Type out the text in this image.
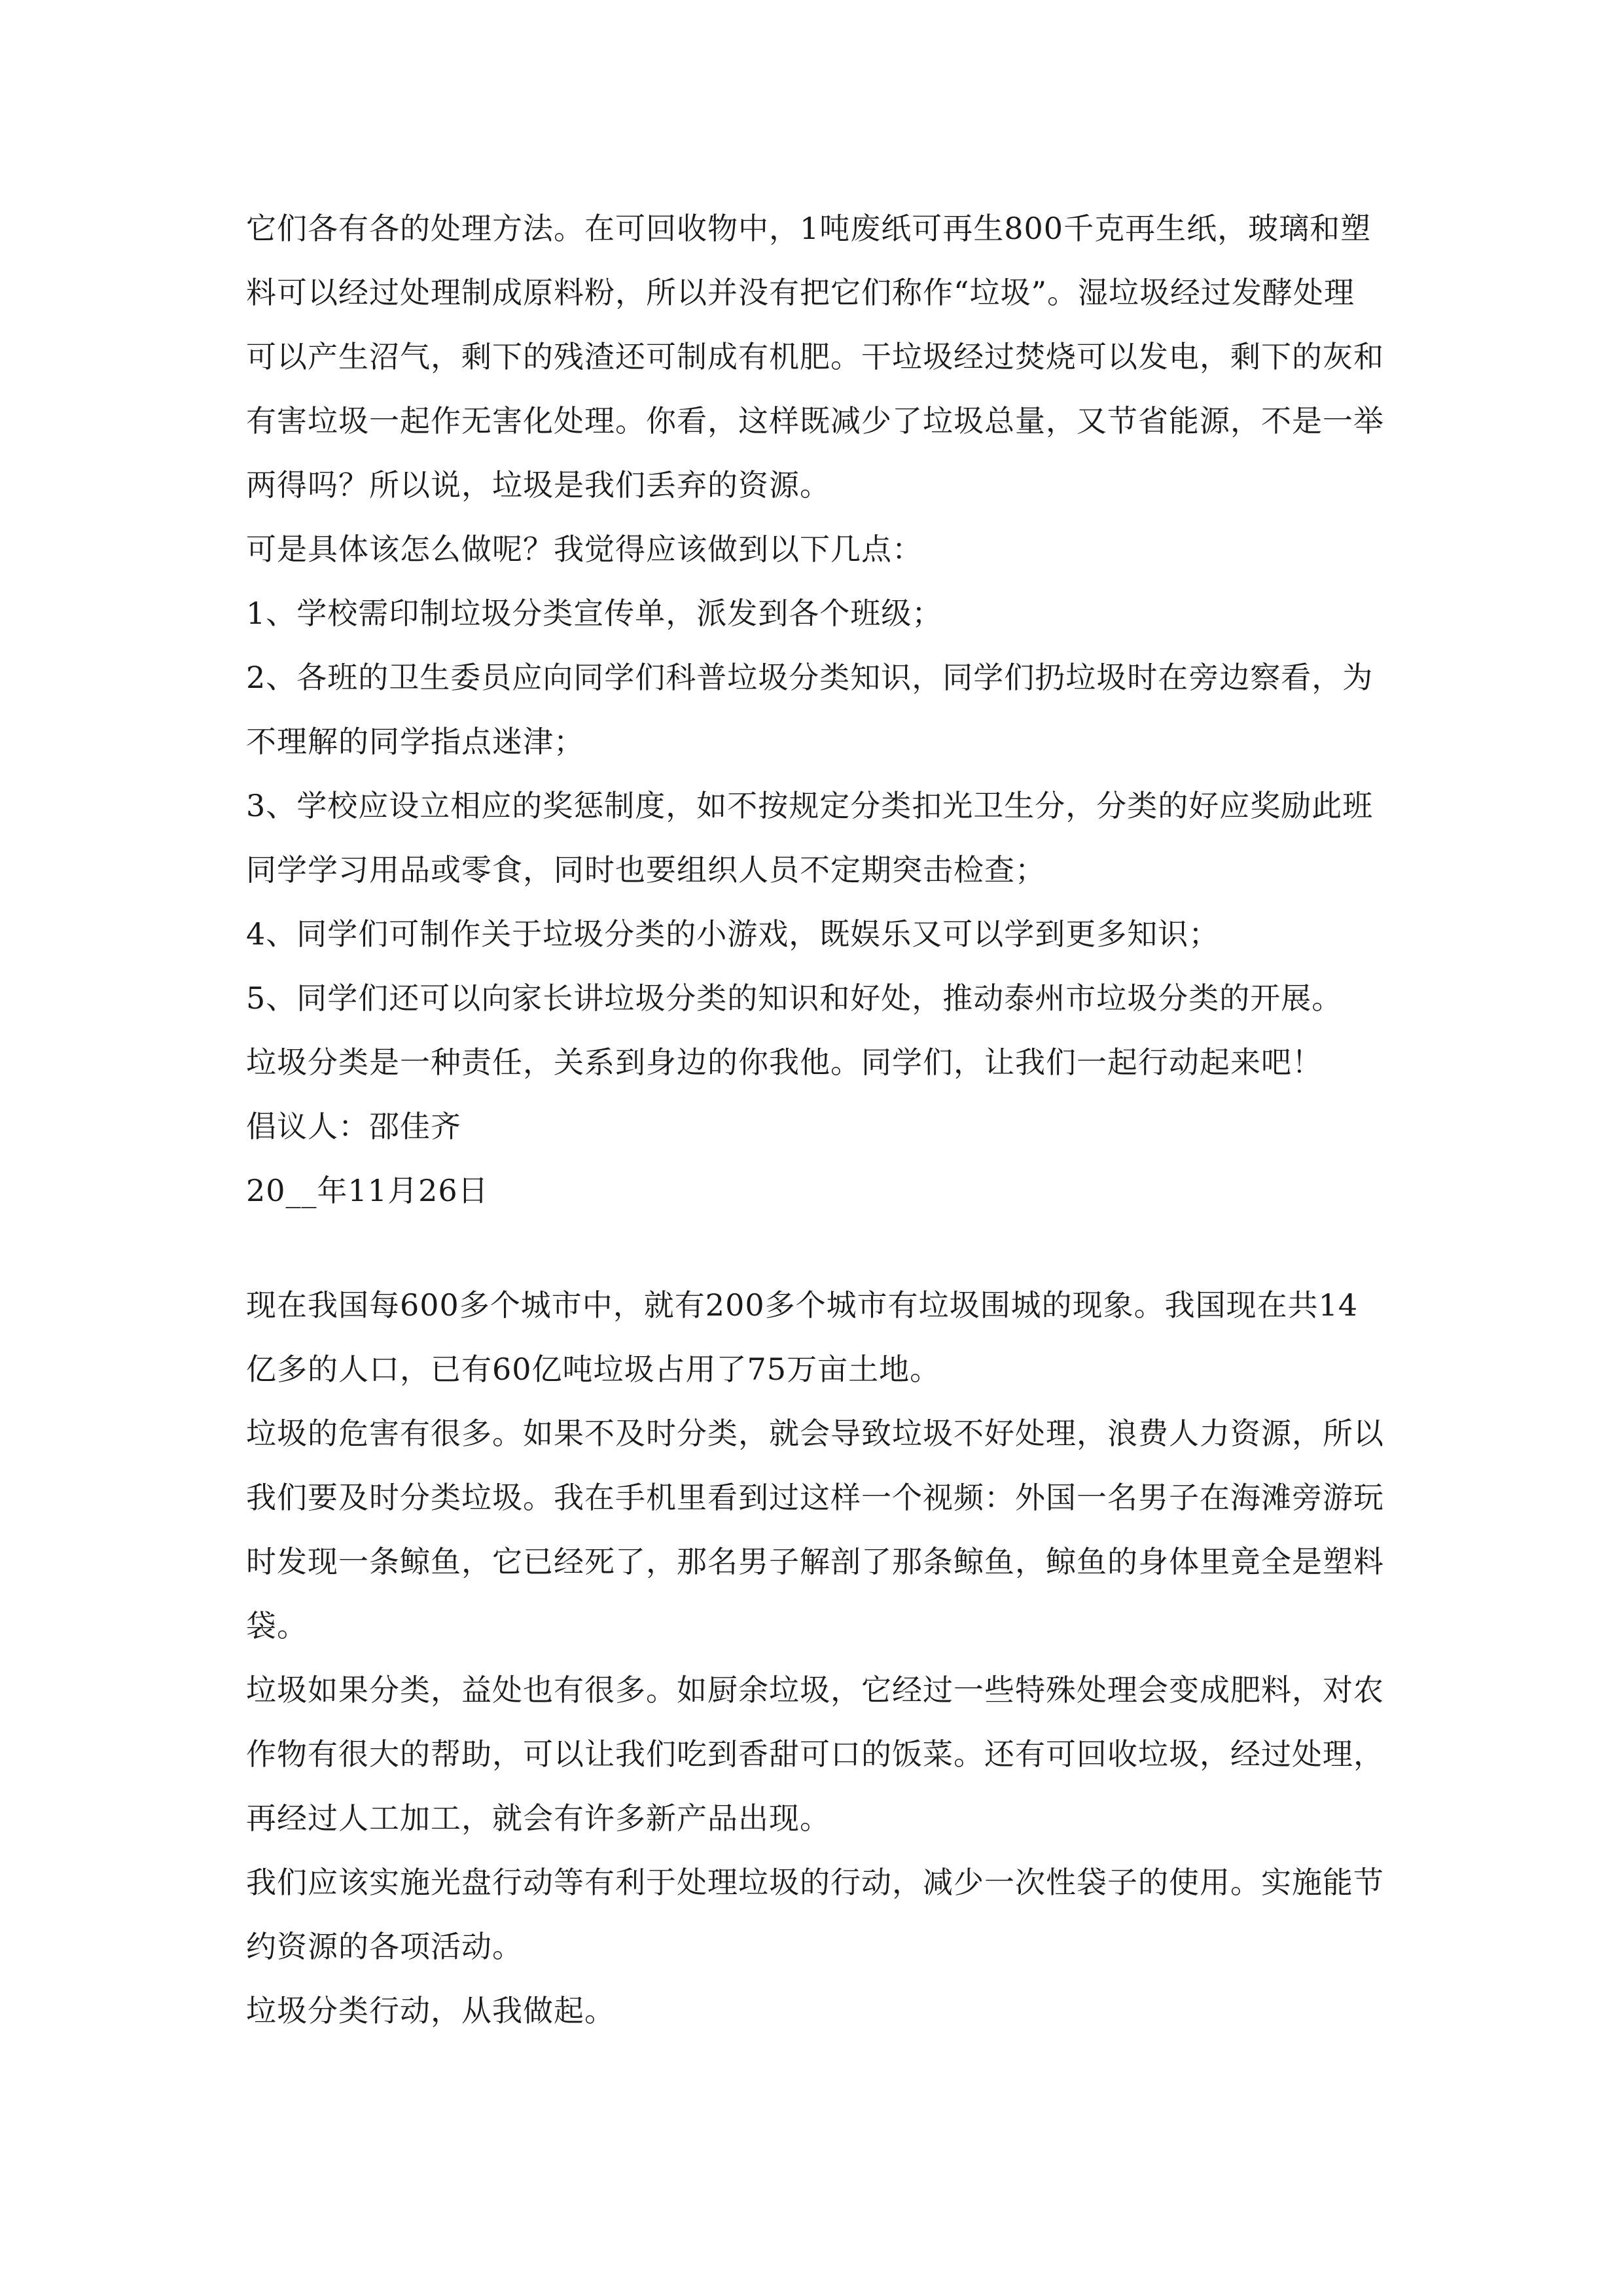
它们各有各的处理方法。在可回收物中，1吨废纸可再生800千克再生纸，玻璃和塑料可以经过处理制成原料粉，所以并没有把它们称作“垃圾”。湿垃圾经过发酵处理可以产生沼气，剩下的残渣还可制成有机肥。干垃圾经过焚烧可以发电，剩下的灰和有害垃圾一起作无害化处理。你看，这样既减少了垃圾总量，又节省能源，不是一举两得吗？所以说，垃圾是我们丢弃的资源。

可是具体该怎么做呢？我觉得应该做到以下几点：

1、学校需印制垃圾分类宣传单，派发到各个班级；

2、各班的卫生委员应向同学们科普垃圾分类知识，同学们扔垃圾时在旁边察看，为不理解的同学指点迷津；

3、学校应设立相应的奖惩制度，如不按规定分类扣光卫生分，分类的好应奖励此班同学学习用品或零食，同时也要组织人员不定期突击检查；

4、同学们可制作关于垃圾分类的小游戏，既娱乐又可以学到更多知识；

5、同学们还可以向家长讲垃圾分类的知识和好处，推动泰州市垃圾分类的开展。

垃圾分类是一种责任，关系到身边的你我他。同学们，让我们一起行动起来吧！

倡议人：邵佳齐

20__年11月26日

现在我国每600多个城市中，就有200多个城市有垃圾围城的现象。我国现在共14亿多的人口，已有60亿吨垃圾占用了75万亩土地。

垃圾的危害有很多。如果不及时分类，就会导致垃圾不好处理，浪费人力资源，所以我们要及时分类垃圾。我在手机里看到过这样一个视频：外国一名男子在海滩旁游玩时发现一条鲸鱼，它已经死了，那名男子解剖了那条鲸鱼，鲸鱼的身体里竟全是塑料袋。

垃圾如果分类，益处也有很多。如厨余垃圾，它经过一些特殊处理会变成肥料，对农作物有很大的帮助，可以让我们吃到香甜可口的饭菜。还有可回收垃圾，经过处理，再经过人工加工，就会有许多新产品出现。

我们应该实施光盘行动等有利于处理垃圾的行动，减少一次性袋子的使用。实施能节约资源的各项活动。

垃圾分类行动，从我做起。
